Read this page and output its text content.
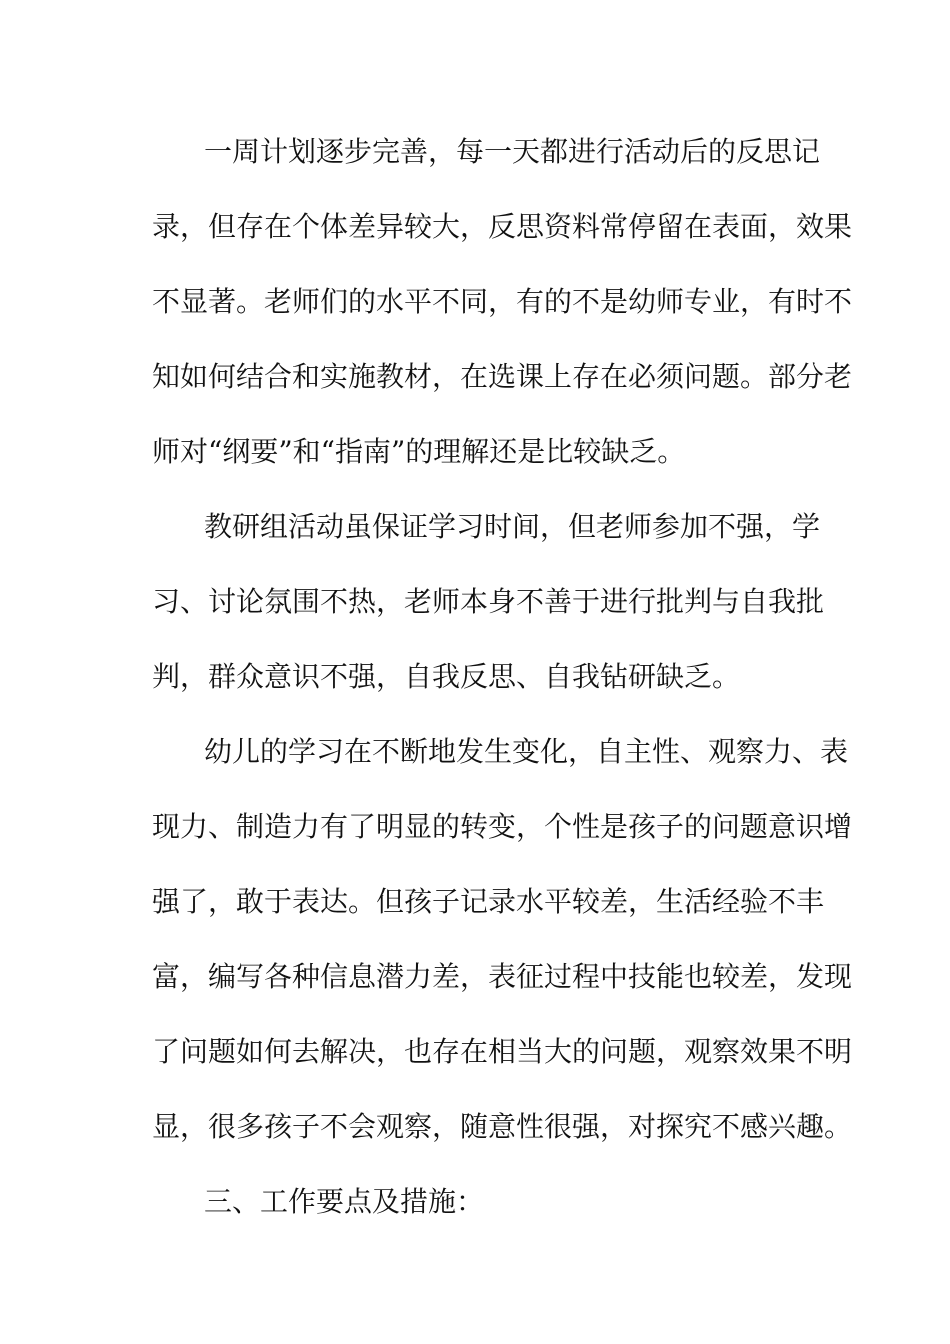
一周计划逐步完善，每一天都进行活动后的反思记
录，但存在个体差异较大，反思资料常停留在表面，效果
不显著。老师们的水平不同，有的不是幼师专业，有时不
知如何结合和实施教材，在选课上存在必须问题。部分老
师对“纲要”和“指南”的理解还是比较缺乏。
教研组活动虽保证学习时间，但老师参加不强，学
习、讨论氛围不热，老师本身不善于进行批判与自我批
判，群众意识不强，自我反思、自我钻研缺乏。
幼儿的学习在不断地发生变化，自主性、观察力、表
现力、制造力有了明显的转变，个性是孩子的问题意识增
强了，敢于表达。但孩子记录水平较差，生活经验不丰
富，编写各种信息潜力差，表征过程中技能也较差，发现
了问题如何去解决，也存在相当大的问题，观察效果不明
显，很多孩子不会观察，随意性很强，对探究不感兴趣。
三、工作要点及措施：
